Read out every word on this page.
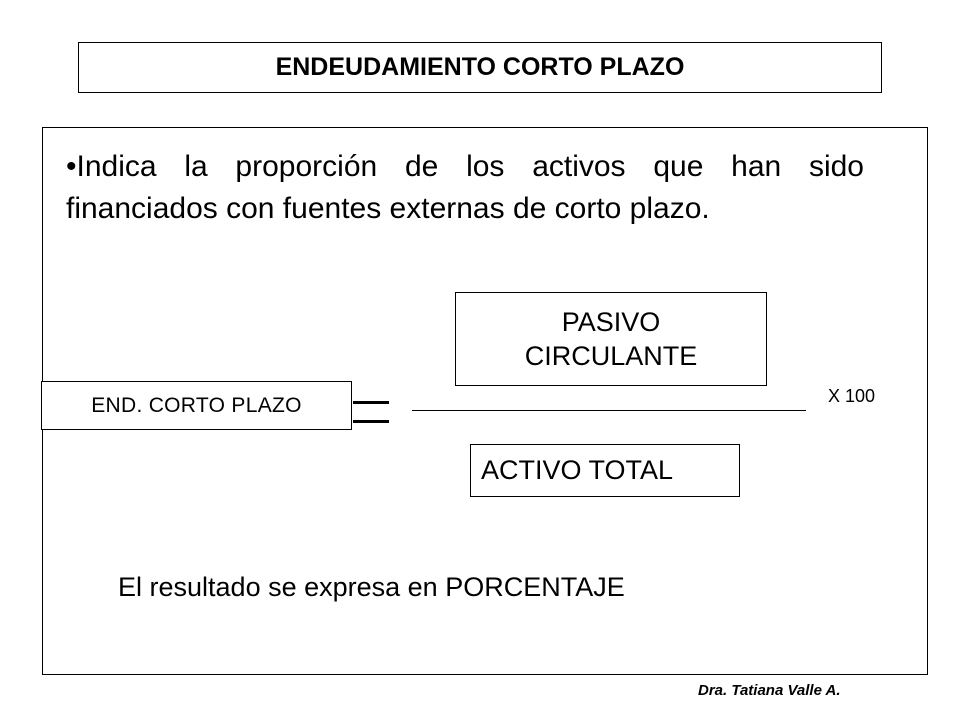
ENDEUDAMIENTO CORTO PLAZO
•Indica la proporción de los activos que han sido financiados con fuentes externas de corto plazo.
PASIVO
CIRCULANTE
END. CORTO PLAZO	X 100
ACTIVO TOTAL
El resultado se expresa en PORCENTAJE
Dra. Tatiana Valle A.
